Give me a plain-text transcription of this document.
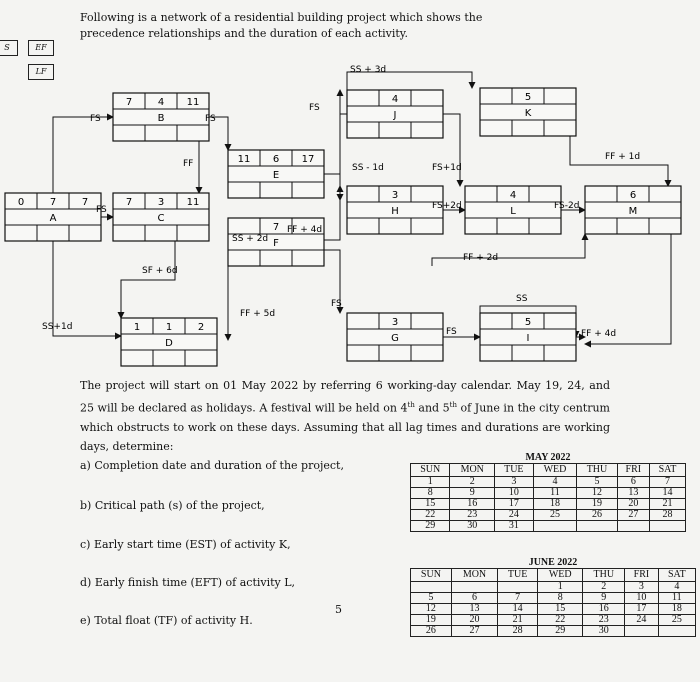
Following is a network of a residential building project which shows the
precedence relationships and the duration of each activity.
S	EF
LF
0	7	7
A
7	4 11
B
7	3 11
C
1	1	2
D
11 6 17
E
7
F
3
G
3
H
5
I
4
J
5
K
4
L
6
M
FS	FS
FS
FS
FF
SS + 3d
SS - 1d	FS+1d
FS+2d	FS-2d
FF + 1d
SS + 2d
FF + 4d
SF + 6d
SS+1d
FF + 5d
FS
FS
FF + 2d
SS
FF + 4d
The project will start on 01 May 2022 by referring 6 working-day calendar. May 19, 24, and 25 will be declared as holidays. A festival will be held on 4th and 5th of June in the city centrum which obstructs to work on these days. Assuming that all lag times and durations are working days, determine:
a) Completion date and duration of the project,
b) Critical path (s) of the project,
c) Early start time (EST) of activity K,
d) Early finish time (EFT) of activity L,
e) Total float (TF) of activity H.
5
MAY 2022						
SUN	MON	TUE	WED	THU	FRI	SAT
1	2	3	4	5	6	7
8	9	10	11	12	13	14
15	16	17	18	19	20	21
22	23	24	25	26	27	28
29	30	31				
JUNE 2022						
SUN	MON	TUE	WED	THU	FRI	SAT
			1	2	3	4
5	6	7	8	9	10	11
12	13	14	15	16	17	18
19	20	21	22	23	24	25
26	27	28	29	30		
